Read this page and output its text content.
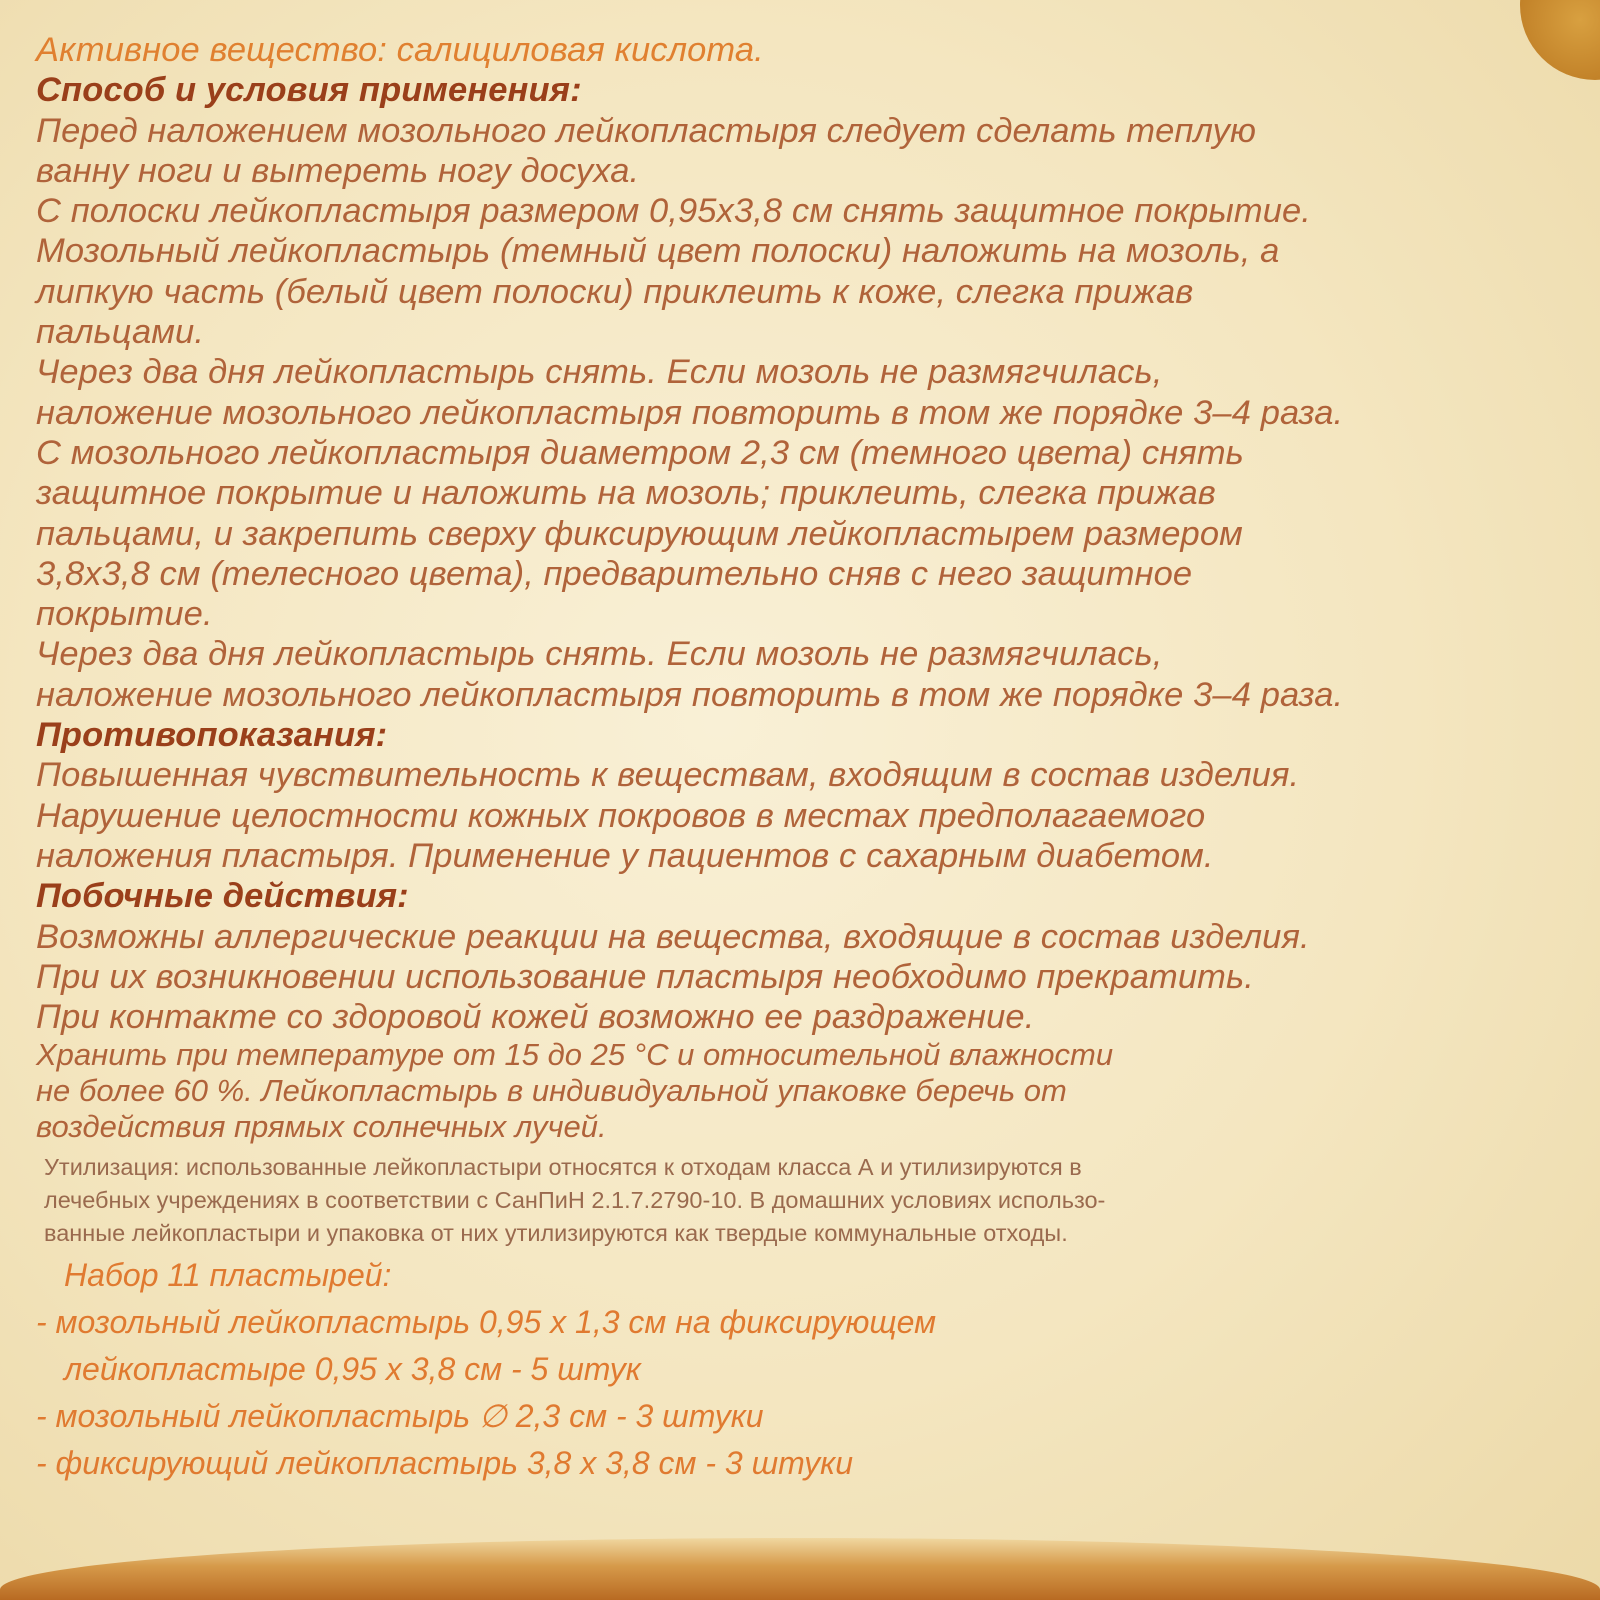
Активное вещество: салициловая кислота.
Способ и условия применения:
Перед наложением мозольного лейкопластыря следует сделать теплую
ванну ноги и вытереть ногу досуха.
С полоски лейкопластыря размером 0,95х3,8 см снять защитное покрытие.
Мозольный лейкопластырь (темный цвет полоски) наложить на мозоль, а
липкую часть (белый цвет полоски) приклеить к коже, слегка прижав
пальцами.
Через два дня лейкопластырь снять. Если мозоль не размягчилась,
наложение мозольного лейкопластыря повторить в том же порядке 3–4 раза.
С мозольного лейкопластыря диаметром 2,3 см (темного цвета) снять
защитное покрытие и наложить на мозоль; приклеить, слегка прижав
пальцами, и закрепить сверху фиксирующим лейкопластырем размером
3,8х3,8 см (телесного цвета), предварительно сняв с него защитное
покрытие.
Через два дня лейкопластырь снять. Если мозоль не размягчилась,
наложение мозольного лейкопластыря повторить в том же порядке 3–4 раза.
Противопоказания:
Повышенная чувствительность к веществам, входящим в состав изделия.
Нарушение целостности кожных покровов в местах предполагаемого
наложения пластыря. Применение у пациентов с сахарным диабетом.
Побочные действия:
Возможны аллергические реакции на вещества, входящие в состав изделия.
При их возникновении использование пластыря необходимо прекратить.
При контакте со здоровой кожей возможно ее раздражение.
Хранить при температуре от 15 до 25 °С и относительной влажности
не более 60 %. Лейкопластырь в индивидуальной упаковке беречь от
воздействия прямых солнечных лучей.
Утилизация: использованные лейкопластыри относятся к отходам класса А и утилизируются в
лечебных учреждениях в соответствии с СанПиН 2.1.7.2790-10. В домашних условиях использо-
ванные лейкопластыри и упаковка от них утилизируются как твердые коммунальные отходы.
Набор 11 пластырей:
- мозольный лейкопластырь 0,95 х 1,3 см на фиксирующем
лейкопластыре 0,95 х 3,8 см - 5 штук
- мозольный лейкопластырь ∅ 2,3 см - 3 штуки
- фиксирующий лейкопластырь 3,8 х 3,8 см - 3 штуки
